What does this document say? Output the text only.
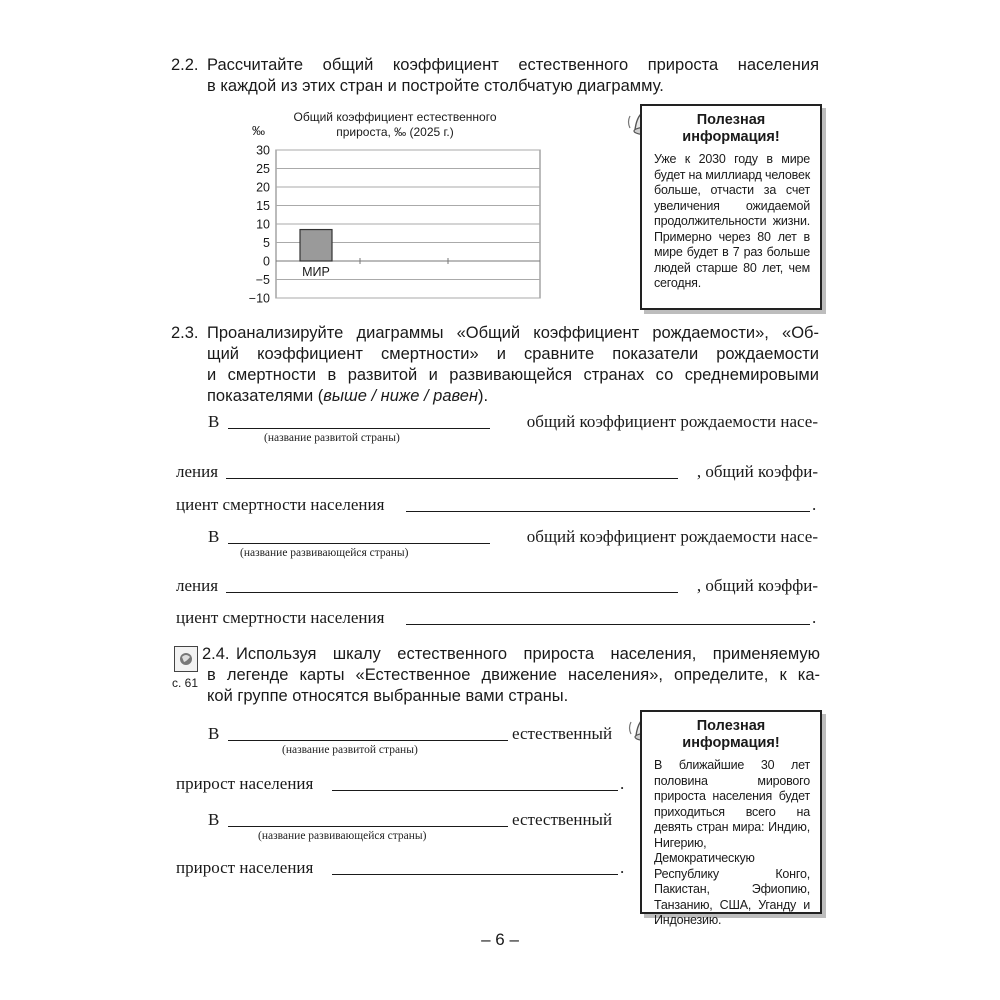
2.2. Рассчитайте общий коэффициент естественного прироста населения
в каждой из этих стран и постройте столбчатую диаграмму.
Общий коэффициент естественного
прироста, ‰ (2025 г.)
‰
30
25
20
15
10
5
0
−5
−10
МИР
Полезная
информация!
Уже к 2030 году в мире будет на миллиард человек больше, отчасти за счет увеличения ожидаемой продолжительности жизни. Примерно через 80 лет в мире будет в 7 раз больше людей старше 80 лет, чем сегодня.
2.3. Проанализируйте диаграммы «Общий коэффициент рождаемости», «Об-
щий коэффициент смертности» и сравните показатели рождаемости
и смертности в развитой и развивающейся странах со среднемировыми
показателями (выше / ниже / равен).
В
(название развитой страны)
общий коэффициент рождаемости насе-
ления	, общий коэффи-
циент смертности населения	.
В
(название развивающейся страны)
общий коэффициент рождаемости насе-
ления	, общий коэффи-
циент смертности населения	.
с. 61
2.4. Используя шкалу естественного прироста населения, применяемую
в легенде карты «Естественное движение населения», определите, к ка-
кой группе относятся выбранные вами страны.
В
(название развитой страны)
естественный
прирост населения	.
В
(название развивающейся страны)
естественный
прирост населения	.
Полезная
информация!
В ближайшие 30 лет половина мирового прироста населения будет приходиться всего на девять стран мира: Индию, Нигерию, Демократическую Республику Конго, Пакистан, Эфиопию, Танзанию, США, Уганду и Индонезию.
– 6 –
